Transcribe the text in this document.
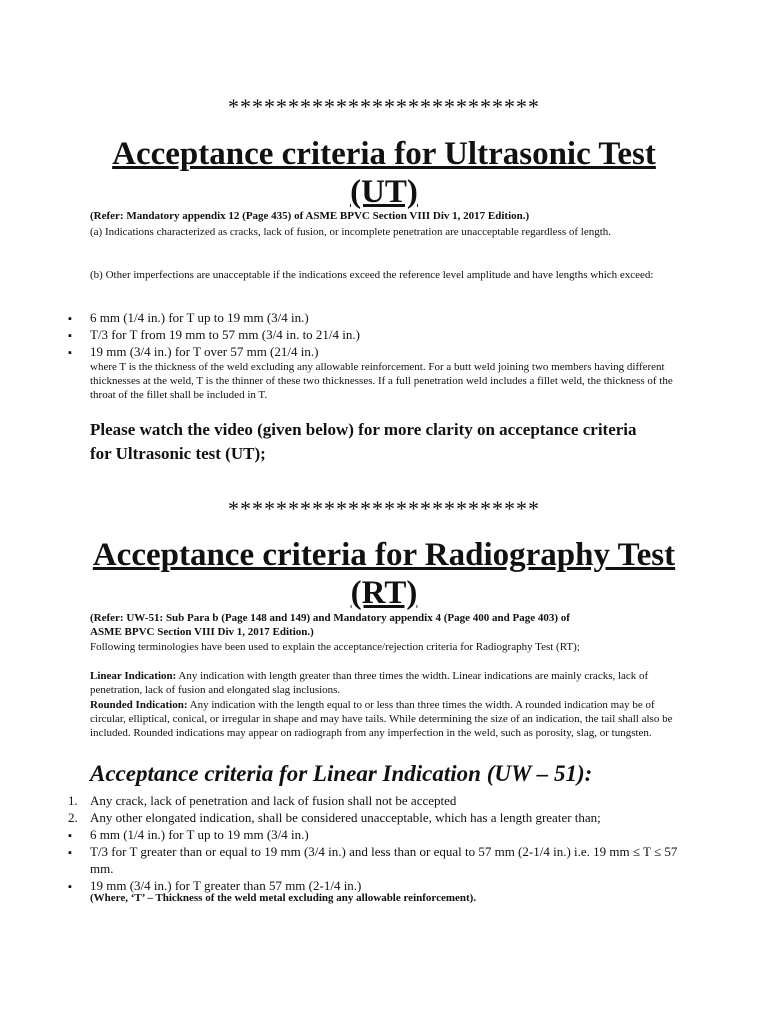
**************************
Acceptance criteria for Ultrasonic Test
(UT)

(Refer: Mandatory appendix 12 (Page 435) of ASME BPVC Section VIII Div 1, 2017 Edition.)

(a) Indications characterized as cracks, lack of fusion, or incomplete penetration are unacceptable regardless of length.

(b) Other imperfections are unacceptable if the indications exceed the reference level amplitude and have lengths which exceed:

▪
6 mm (1/4 in.) for T up to 19 mm (3/4 in.)
▪
T/3 for T from 19 mm to 57 mm (3/4 in. to 21/4 in.)
▪
19 mm (3/4 in.) for T over 57 mm (21/4 in.)

where T is the thickness of the weld excluding any allowable reinforcement. For a butt weld joining two members having different thicknesses at the weld, T is the thinner of these two thicknesses. If a full penetration weld includes a fillet weld, the thickness of the throat of the fillet shall be included in T.

Please watch the video (given below) for more clarity on acceptance criteria for Ultrasonic test (UT);

**************************
Acceptance criteria for Radiography Test
(RT)

(Refer: UW-51: Sub Para b (Page 148 and 149) and Mandatory appendix 4 (Page 400 and Page 403) of
ASME BPVC Section VIII Div 1, 2017 Edition.)

Following terminologies have been used to explain the acceptance/rejection criteria for Radiography Test (RT);

Linear Indication: Any indication with length greater than three times the width. Linear indications are mainly cracks, lack of penetration, lack of fusion and elongated slag inclusions.

Rounded Indication: Any indication with the length equal to or less than three times the width. A rounded indication may be of circular, elliptical, conical, or irregular in shape and may have tails. While determining the size of an indication, the tail shall also be included. Rounded indications may appear on radiograph from any imperfection in the weld, such as porosity, slag, or tungsten.

Acceptance criteria for Linear Indication (UW – 51):
1. Any crack, lack of penetration and lack of fusion shall not be accepted
2. Any other elongated indication, shall be considered unacceptable, which has a length greater than;
▪
6 mm (1/4 in.) for T up to 19 mm (3/4 in.)
▪
T/3 for T greater than or equal to 19 mm (3/4 in.) and less than or equal to 57 mm (2-1/4 in.) i.e. 19 mm ≤ T ≤ 57 mm.
▪
19 mm (3/4 in.) for T greater than 57 mm (2-1/4 in.)

(Where, ‘T’ – Thickness of the weld metal excluding any allowable reinforcement).
